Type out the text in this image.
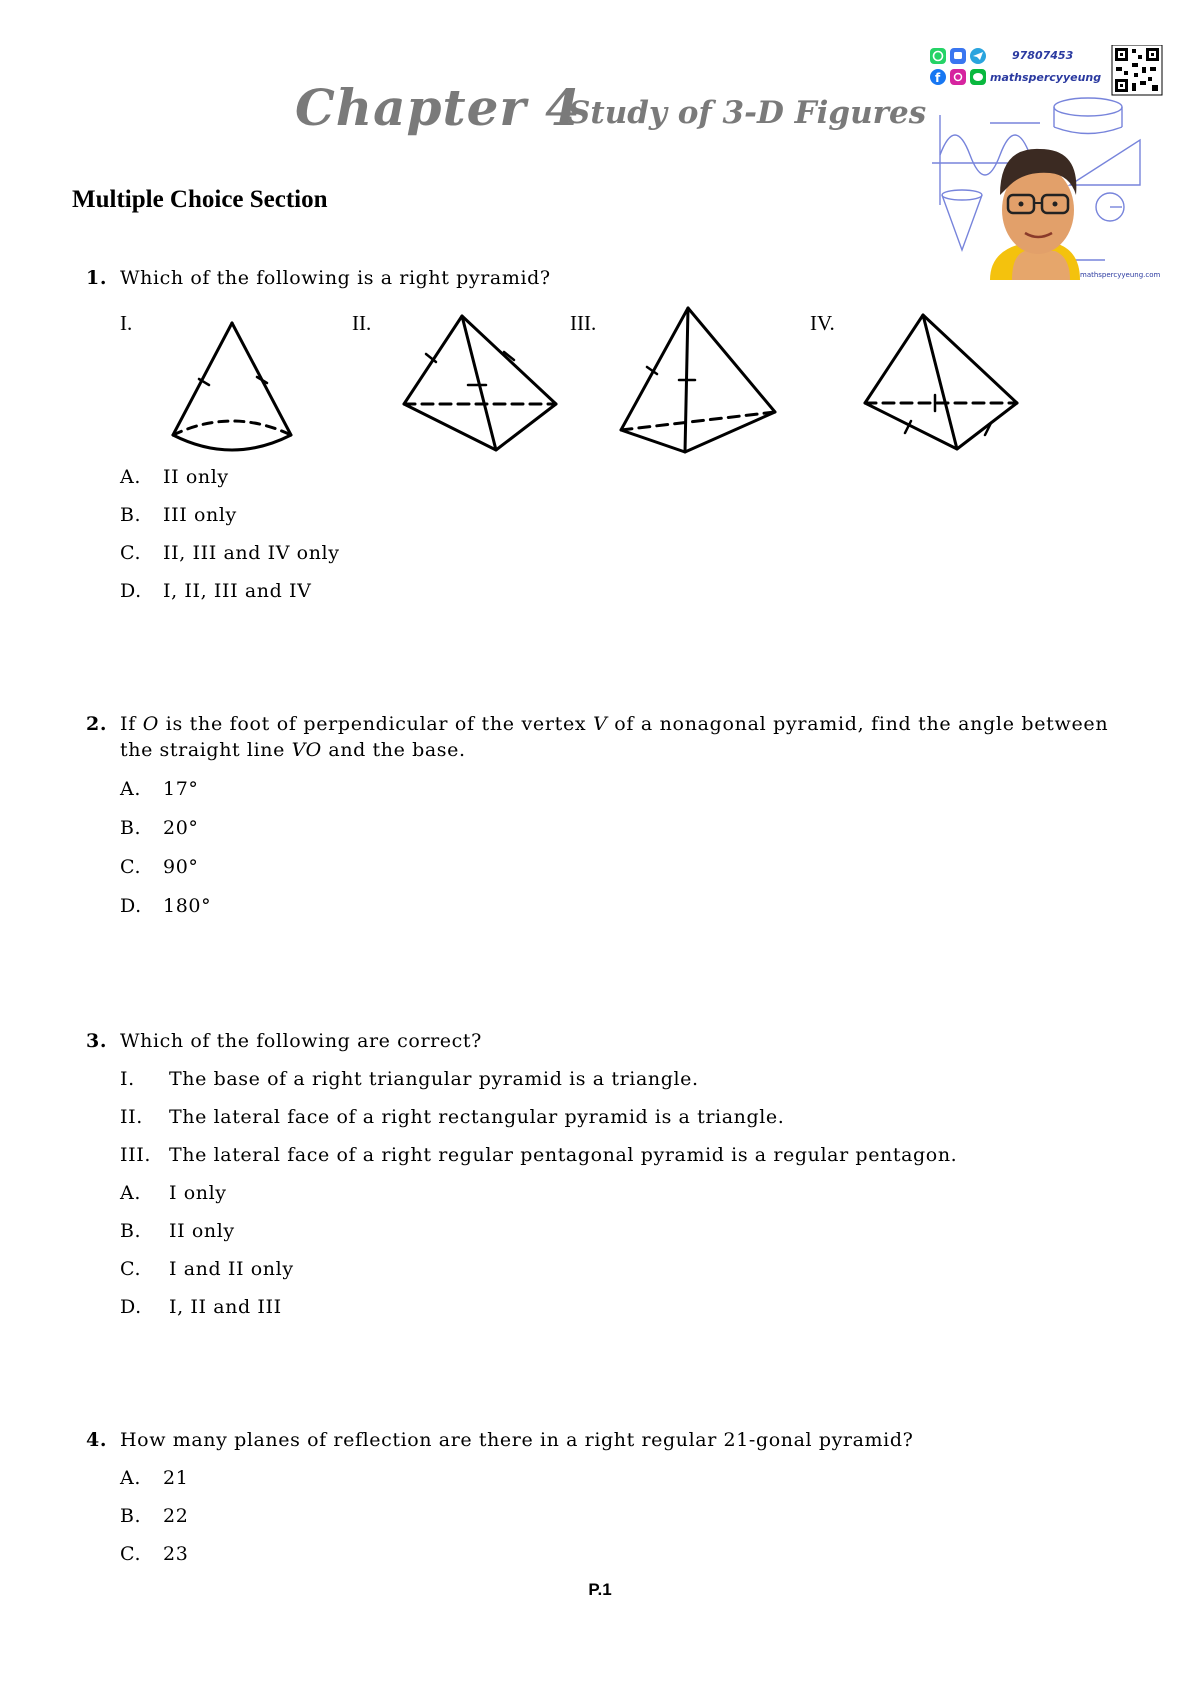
Chapter 4
Study of 3-D Figures
f
97807453
mathspercyyeung
mathspercyyeung.com
Multiple Choice Section
1. Which of the following is a right pyramid?
I.	II.	III.	IV.
A. II only
B. III only
C. II, III and IV only
D. I, II, III and IV
2. If O is the foot of perpendicular of the vertex V of a nonagonal pyramid, find the angle between
the straight line VO and the base.
A. 17°
B. 20°
C. 90°
D. 180°
3. Which of the following are correct?
I. The base of a right triangular pyramid is a triangle.
II. The lateral face of a right rectangular pyramid is a triangle.
III. The lateral face of a right regular pentagonal pyramid is a regular pentagon.
A. I only
B. II only
C. I and II only
D. I, II and III
4. How many planes of reflection are there in a right regular 21-gonal pyramid?
A. 21
B. 22
C. 23
P.1
